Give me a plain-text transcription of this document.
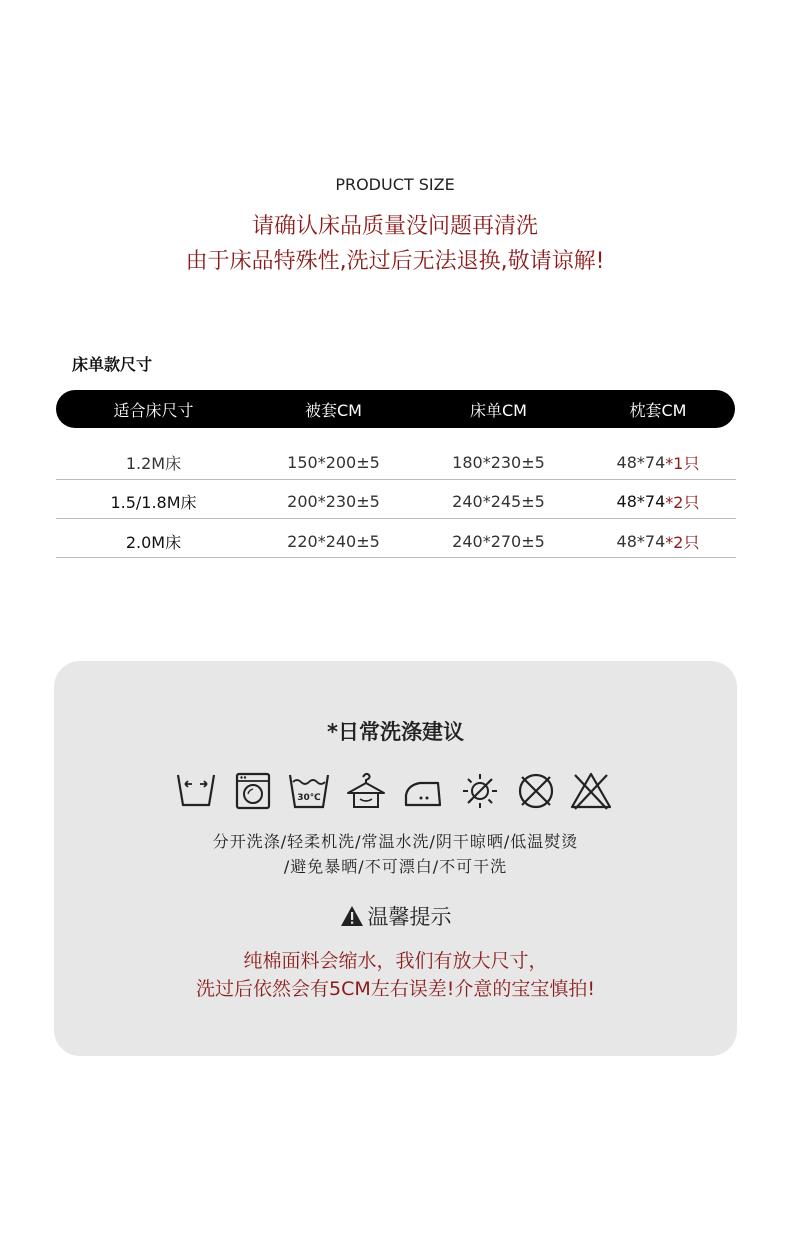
PRODUCT SIZE
请确认床品质量没问题再清洗
由于床品特殊性,洗过后无法退换,敬请谅解!
床单款尺寸
适合床尺寸	被套CM	床单CM	枕套CM
1.2M床	150*200±5	180*230±5	48*74 *1只
1.5/1.8M床	200*230±5	240*245±5	48*74 *2只
2.0M床	220*240±5	240*270±5	48*74 *2只
*日常洗涤建议
30℃
分开洗涤/轻柔机洗/常温水洗/阴干晾晒/低温熨烫
/避免暴晒/不可漂白/不可干洗
温馨提示
纯棉面料会缩水，我们有放大尺寸，
洗过后依然会有5CM左右误差!介意的宝宝慎拍!
